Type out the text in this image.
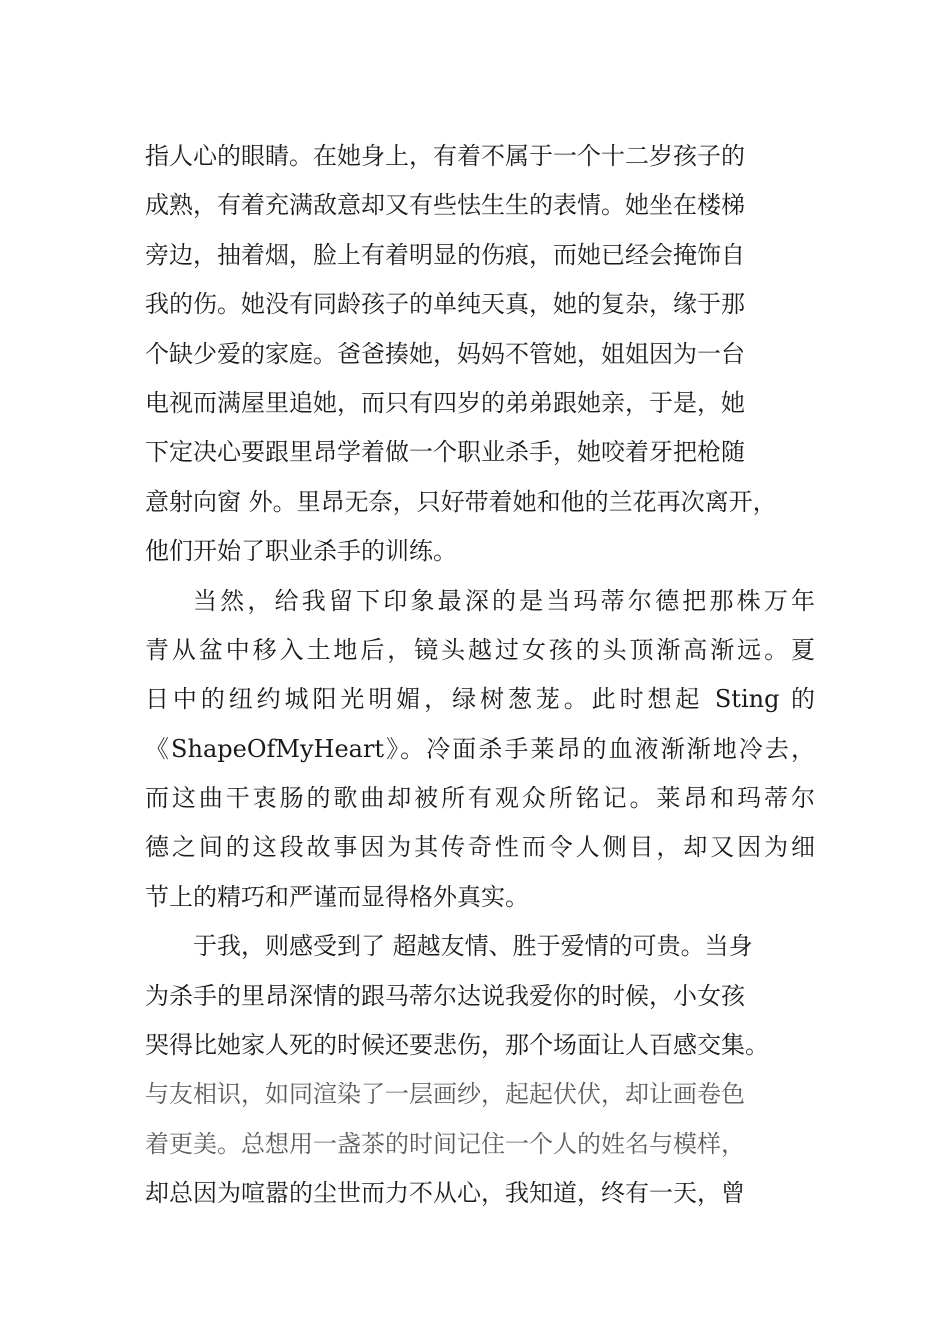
指人心的眼睛。在她身上，有着不属于一个十二岁孩子的
成熟，有着充满敌意却又有些怯生生的表情。她坐在楼梯
旁边，抽着烟，脸上有着明显的伤痕，而她已经会掩饰自
我的伤。她没有同龄孩子的单纯天真，她的复杂，缘于那
个缺少爱的家庭。爸爸揍她，妈妈不管她，姐姐因为一台
电视而满屋里追她，而只有四岁的弟弟跟她亲，于是，她
下定决心要跟里昂学着做一个职业杀手，她咬着牙把枪随
意射向窗 外。里昂无奈，只好带着她和他的兰花再次离开，
他们开始了职业杀手的训练。
当然，给我留下印象最深的是当玛蒂尔德把那株万年
青从盆中移入土地后，镜头越过女孩的头顶渐高渐远。夏
日中的纽约城阳光明媚，绿树葱茏。此时想起 Sting 的
《ShapeOfMyHeart》。冷面杀手莱昂的血液渐渐地冷去，
而这曲干衷肠的歌曲却被所有观众所铭记。莱昂和玛蒂尔
德之间的这段故事因为其传奇性而令人侧目，却又因为细
节上的精巧和严谨而显得格外真实。
于我，则感受到了 超越友情、胜于爱情的可贵。当身
为杀手的里昂深情的跟马蒂尔达说我爱你的时候，小女孩
哭得比她家人死的时候还要悲伤，那个场面让人百感交集。
与友相识，如同渲染了一层画纱，起起伏伏，却让画卷色
着更美。总想用一盏茶的时间记住一个人的姓名与模样，
却总因为喧嚣的尘世而力不从心，我知道，终有一天，曾
